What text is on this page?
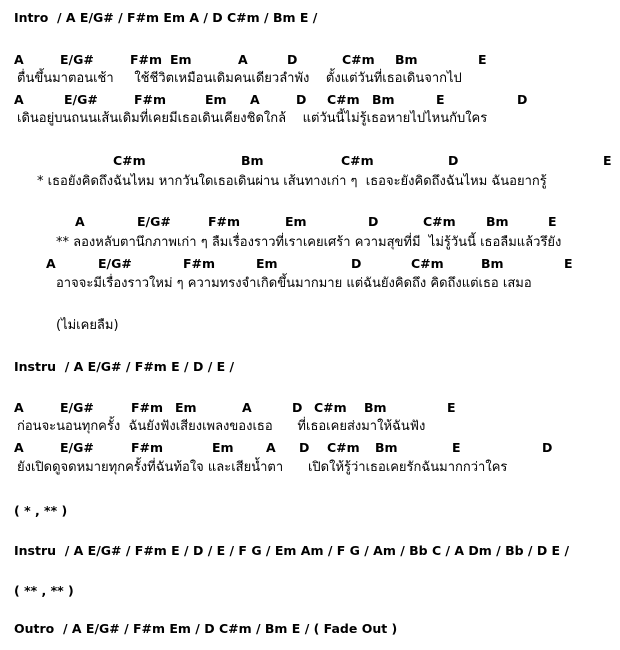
Intro  / A E/G# / F#m Em A / D C#m / Bm E /
A	E/G#	F#m Em	A	D	C#m Bm	E
ตื่นขึ้นมาตอนเช้า     ใช้ชีวิตเหมือนเดิมคนเดียวลำพัง    ตั้งแต่วันที่เธอเดินจากไป
A	E/G#	F#m	Em A	D C#m Bm	E	D
เดินอยู่บนถนนเส้นเดิมที่เคยมีเธอเดินเคียงชิดใกล้    แต่วันนี้ไม่รู้เธอหายไปไหนกับใคร
C#m	Bm	C#m	D	E
* เธอยังคิดถึงฉันไหม หากวันใดเธอเดินผ่าน เส้นทางเก่า ๆ  เธอจะยังคิดถึงฉันไหม ฉันอยากรู้
A	E/G#	F#m	Em	D	C#m Bm	E
** ลองหลับตานึกภาพเก่า ๆ ลืมเรื่องราวที่เราเคยเศร้า ความสุขที่มี  ไม่รู้วันนี้ เธอลืมแล้วรึยัง
A	E/G#	F#m	Em	D	C#m	Bm	E
อาจจะมีเรื่องราวใหม่ ๆ ความทรงจำเกิดขึ้นมากมาย แต่ฉันยังคิดถึง คิดถึงแต่เธอ เสมอ
(ไม่เคยลืม)
Instru  / A E/G# / F#m E / D / E /
A	E/G#	F#m Em	A	D C#m Bm	E
ก่อนจะนอนทุกครั้ง  ฉันยังฟังเสียงเพลงของเธอ      ที่เธอเคยส่งมาให้ฉันฟัง
A	E/G#	F#m	Em	A D C#m Bm	E	D
ยังเปิดดูจดหมายทุกครั้งที่ฉันท้อใจ และเสียน้ำตา      เปิดให้รู้ว่าเธอเคยรักฉันมากกว่าใคร
( * , ** )
Instru  / A E/G# / F#m E / D / E / F G / Em Am / F G / Am / Bb C / A Dm / Bb / D E /
( ** , ** )
Outro  / A E/G# / F#m Em / D C#m / Bm E / ( Fade Out )
